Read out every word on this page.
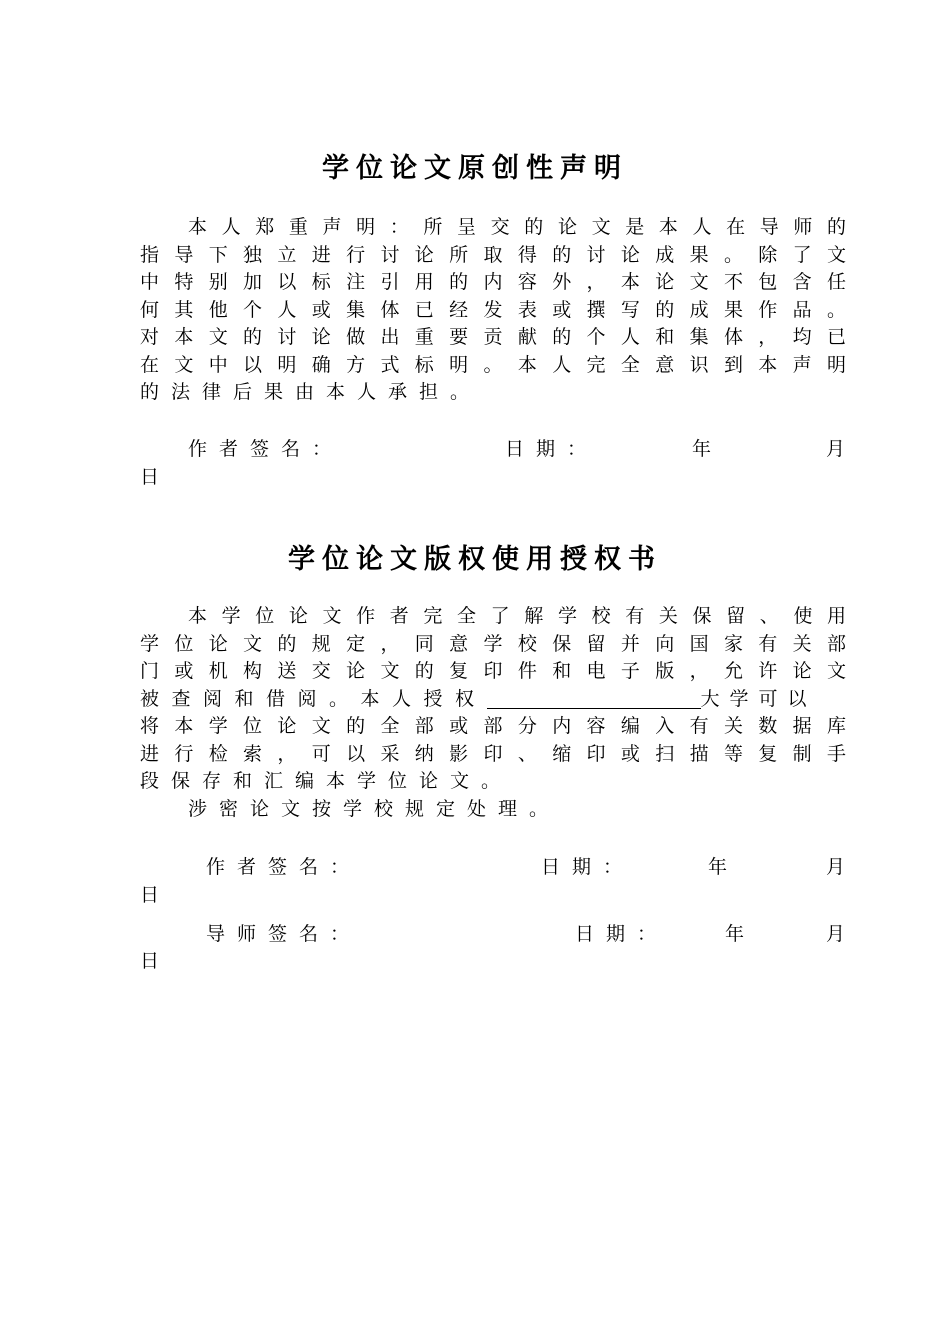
学位论文原创性声明
本人郑重声明：所呈交的论文是本人在导师的
指导下独立进行讨论所取得的讨论成果。除了文
中特别加以标注引用的内容外，本论文不包含任
何其他个人或集体已经发表或撰写的成果作品。
对本文的讨论做出重要贡献的个人和集体，均已
在文中以明确方式标明。本人完全意识到本声明
的法律后果由本人承担。
作者签名：	日期：	年	月
日
学位论文版权使用授权书
本学位论文作者完全了解学校有关保留、使用
学位论文的规定，同意学校保留并向国家有关部
门或机构送交论文的复印件和电子版，允许论文
被查阅和借阅。本人授权	大学可以
将本学位论文的全部或部分内容编入有关数据库
进行检索，可以采纳影印、缩印或扫描等复制手
段保存和汇编本学位论文。
涉密论文按学校规定处理。
作者签名：	日期：	年	月
日
导师签名：	日期：	年	月
日
